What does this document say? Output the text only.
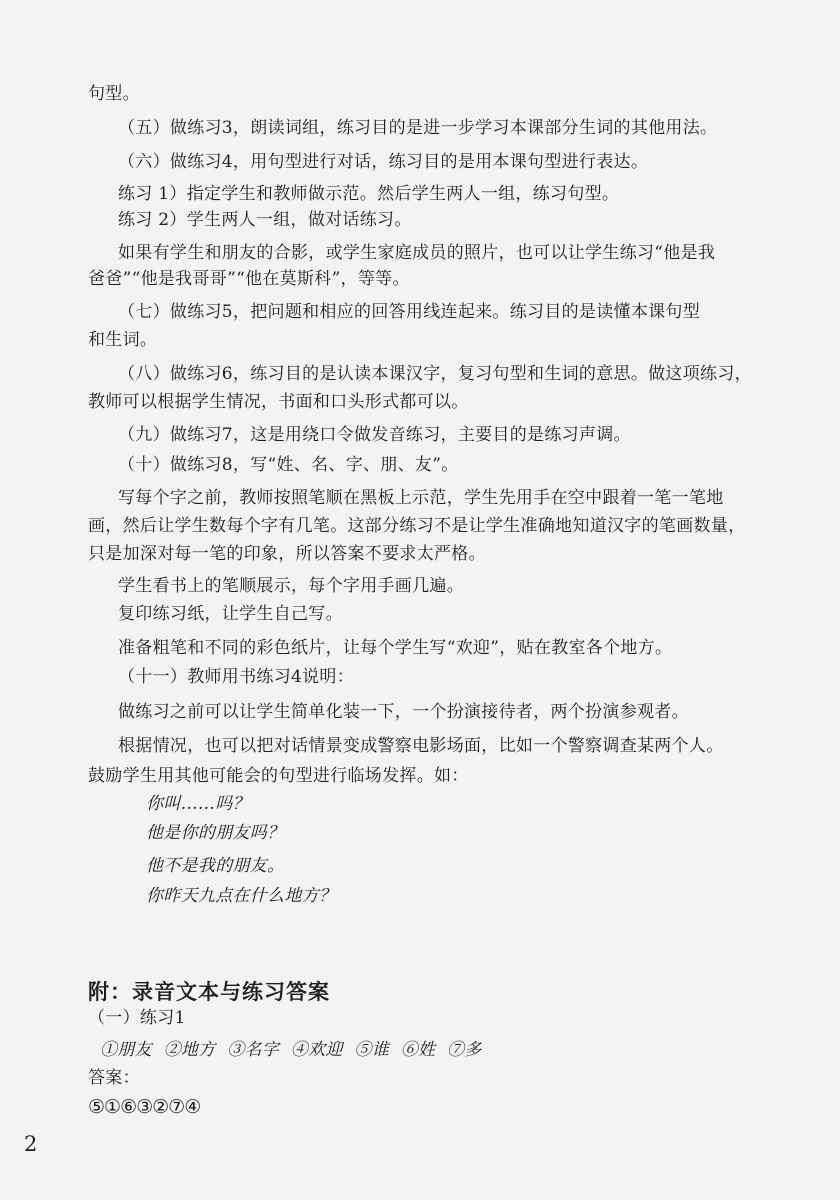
句型。
（五）做练习3，朗读词组，练习目的是进一步学习本课部分生词的其他用法。
（六）做练习4，用句型进行对话，练习目的是用本课句型进行表达。
练习 1）指定学生和教师做示范。然后学生两人一组，练习句型。
练习 2）学生两人一组，做对话练习。
如果有学生和朋友的合影，或学生家庭成员的照片，也可以让学生练习“他是我
爸爸”“他是我哥哥”“他在莫斯科”，等等。
（七）做练习5，把问题和相应的回答用线连起来。练习目的是读懂本课句型
和生词。
（八）做练习6，练习目的是认读本课汉字，复习句型和生词的意思。做这项练习，
教师可以根据学生情况，书面和口头形式都可以。
（九）做练习7，这是用绕口令做发音练习，主要目的是练习声调。
（十）做练习8，写“姓、名、字、朋、友”。
写每个字之前，教师按照笔顺在黑板上示范，学生先用手在空中跟着一笔一笔地
画，然后让学生数每个字有几笔。这部分练习不是让学生准确地知道汉字的笔画数量，
只是加深对每一笔的印象，所以答案不要求太严格。
学生看书上的笔顺展示，每个字用手画几遍。
复印练习纸，让学生自己写。
准备粗笔和不同的彩色纸片，让每个学生写“欢迎”，贴在教室各个地方。
（十一）教师用书练习4说明：
做练习之前可以让学生简单化装一下，一个扮演接待者，两个扮演参观者。
根据情况，也可以把对话情景变成警察电影场面，比如一个警察调查某两个人。
鼓励学生用其他可能会的句型进行临场发挥。如：
你叫……吗？
他是你的朋友吗？
他不是我的朋友。
你昨天九点在什么地方？
附：录音文本与练习答案
（一）练习1
①朋友 ②地方 ③名字 ④欢迎 ⑤谁 ⑥姓 ⑦多
答案：
⑤①⑥③②⑦④
2
